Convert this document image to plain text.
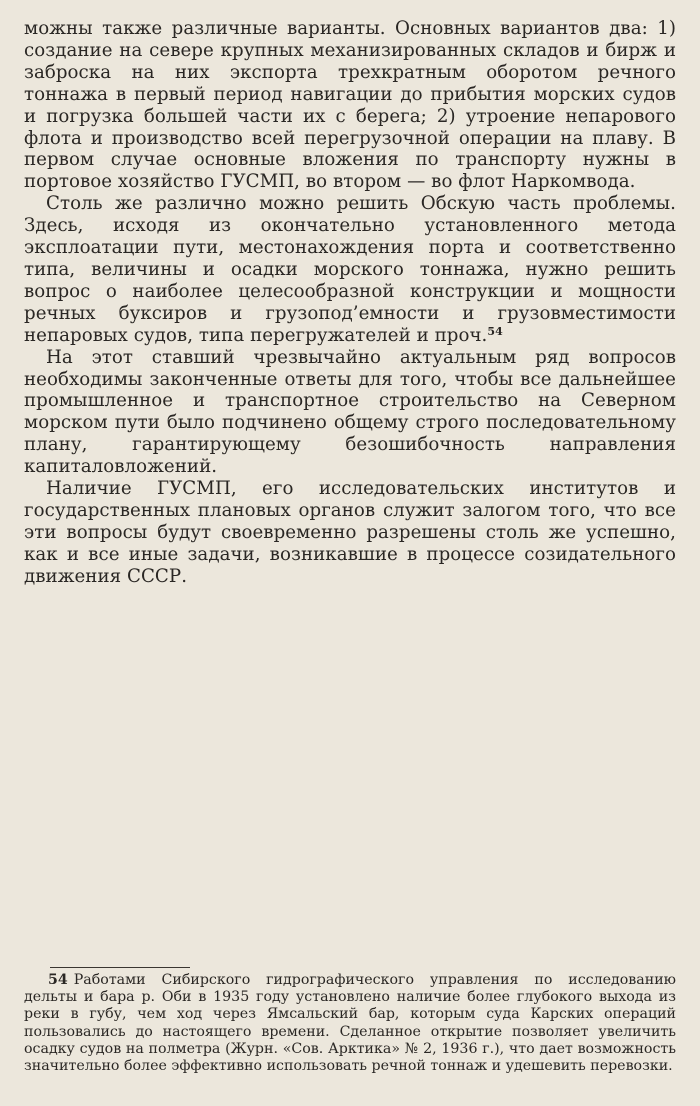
можны также различные варианты. Основных вариантов два: 1) создание на севере крупных механизированных складов и бирж и заброска на них экспорта трехкратным оборотом речного тоннажа в первый период навигации до прибытия морских судов и погрузка большей части их с берега; 2) утроение непарового флота и производство всей перегрузочной операции на плаву. В первом случае основные вложения по транспорту нужны в портовое хозяйство ГУСМП, во втором — во флот Наркомвода.

Столь же различно можно решить Обскую часть проблемы. Здесь, исходя из окончательно установленного метода эксплоатации пути, местонахождения порта и соответственно типа, величины и осадки морского тоннажа, нужно решить вопрос о наиболее целесообразной конструкции и мощности речных буксиров и грузопод’емности и грузовместимости непаровых судов, типа перегружателей и проч.$^{54}$

На этот ставший чрезвычайно актуальным ряд вопросов необходимы законченные ответы для того, чтобы все дальнейшее промышленное и транспортное строительство на Северном морском пути было подчинено общему строго последовательному плану, гарантирующему безошибочность направления капиталовложений.

Наличие ГУСМП, его исследовательских институтов и государственных плановых органов служит залогом того, что все эти вопросы будут своевременно разрешены столь же успешно, как и все иные задачи, возникавшие в процессе созидательного движения СССР.

54 Работами Сибирского гидрографического управления по исследованию дельты и бара р. Оби в 1935 году установлено наличие более глубокого выхода из реки в губу, чем ход через Ямсальский бар, которым суда Карских операций пользовались до настоящего времени. Сделанное открытие позволяет увеличить осадку судов на полметра (Журн. «Сов. Арктика» № 2, 1936 г.), что дает возможность значительно более эффективно использовать речной тоннаж и удешевить перевозки.
